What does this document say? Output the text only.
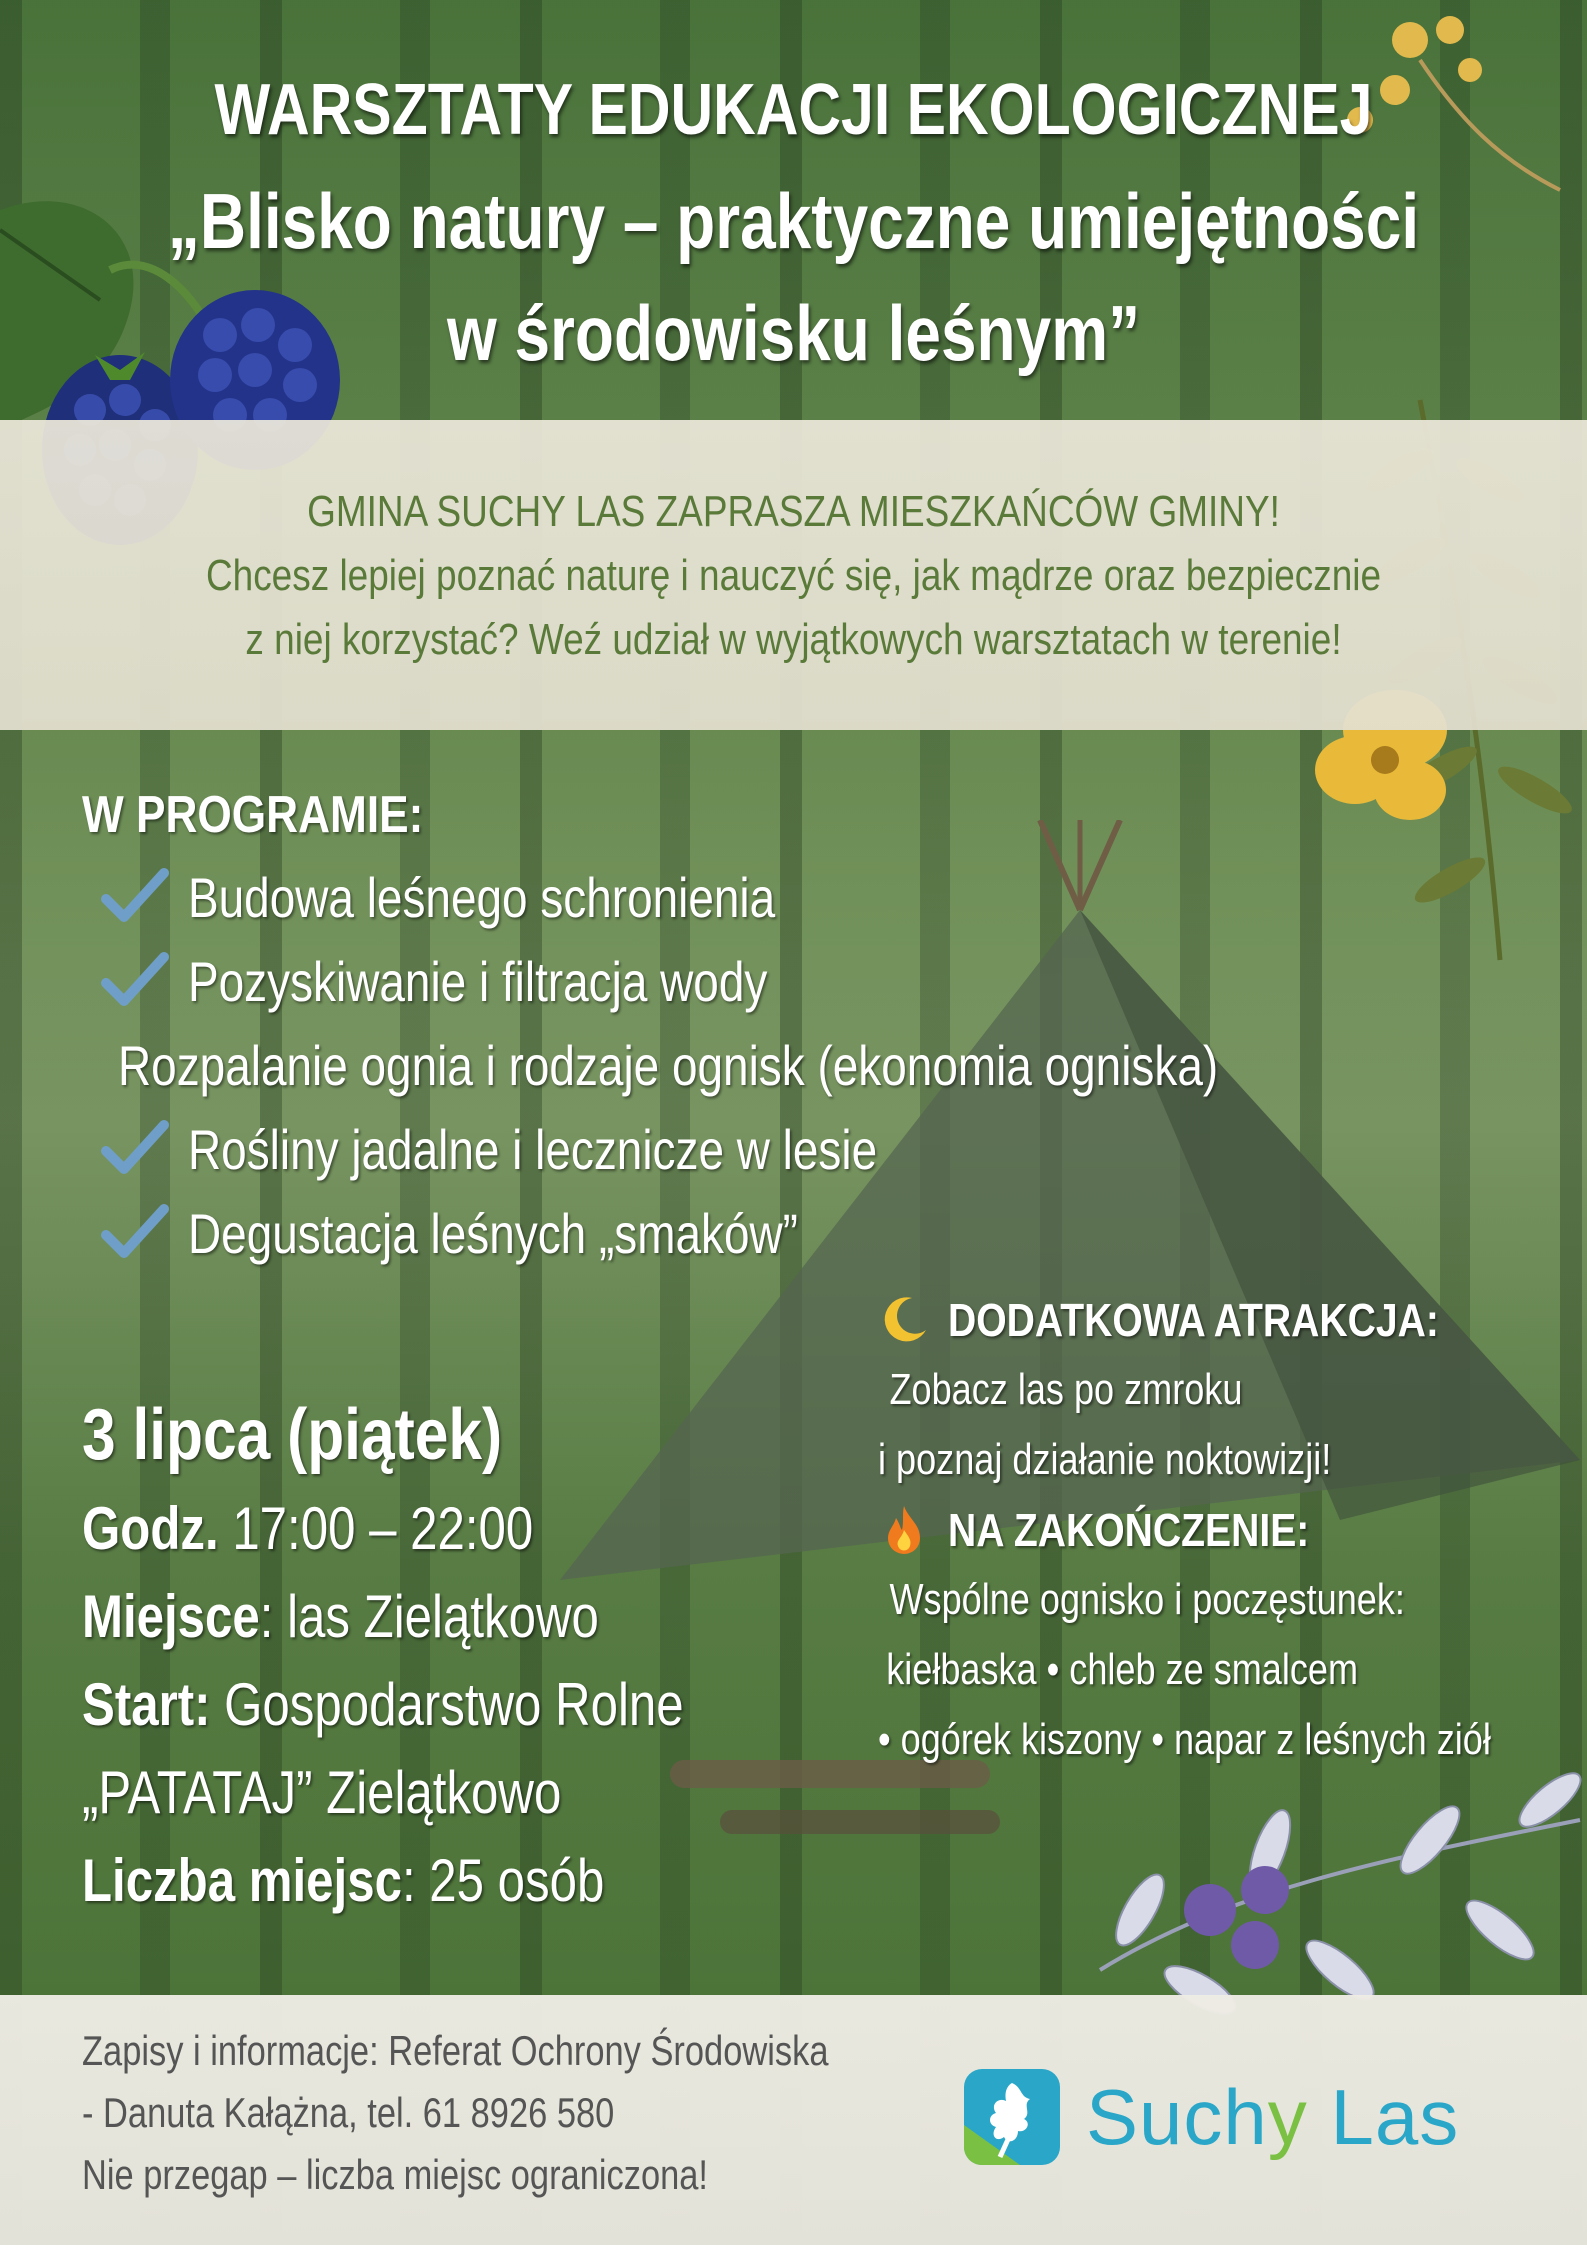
WARSZTATY EDUKACJI EKOLOGICZNEJ
„Blisko natury – praktyczne umiejętności
w środowisku leśnym”
GMINA SUCHY LAS ZAPRASZA MIESZKAŃCÓW GMINY!
Chcesz lepiej poznać naturę i nauczyć się, jak mądrze oraz bezpiecznie
z niej korzystać? Weź udział w wyjątkowych warsztatach w terenie!
W PROGRAMIE:
Budowa leśnego schronienia
Pozyskiwanie i filtracja wody
Rozpalanie ognia i rodzaje ognisk (ekonomia ogniska)
Rośliny jadalne i lecznicze w lesie
Degustacja leśnych „smaków”
DODATKOWA ATRAKCJA:
Zobacz las po zmroku
i poznaj działanie noktowizji!
NA ZAKOŃCZENIE:
Wspólne ognisko i poczęstunek:
kiełbaska • chleb ze smalcem
• ogórek kiszony • napar z leśnych ziół
3 lipca (piątek)
Godz. 17:00 – 22:00
Miejsce: las Zielątkowo
Start: Gospodarstwo Rolne
„PATATAJ” Zielątkowo
Liczba miejsc: 25 osób
Zapisy i informacje: Referat Ochrony Środowiska
- Danuta Kałążna, tel. 61 8926 580
Nie przegap – liczba miejsc ograniczona!
Suchy Las
